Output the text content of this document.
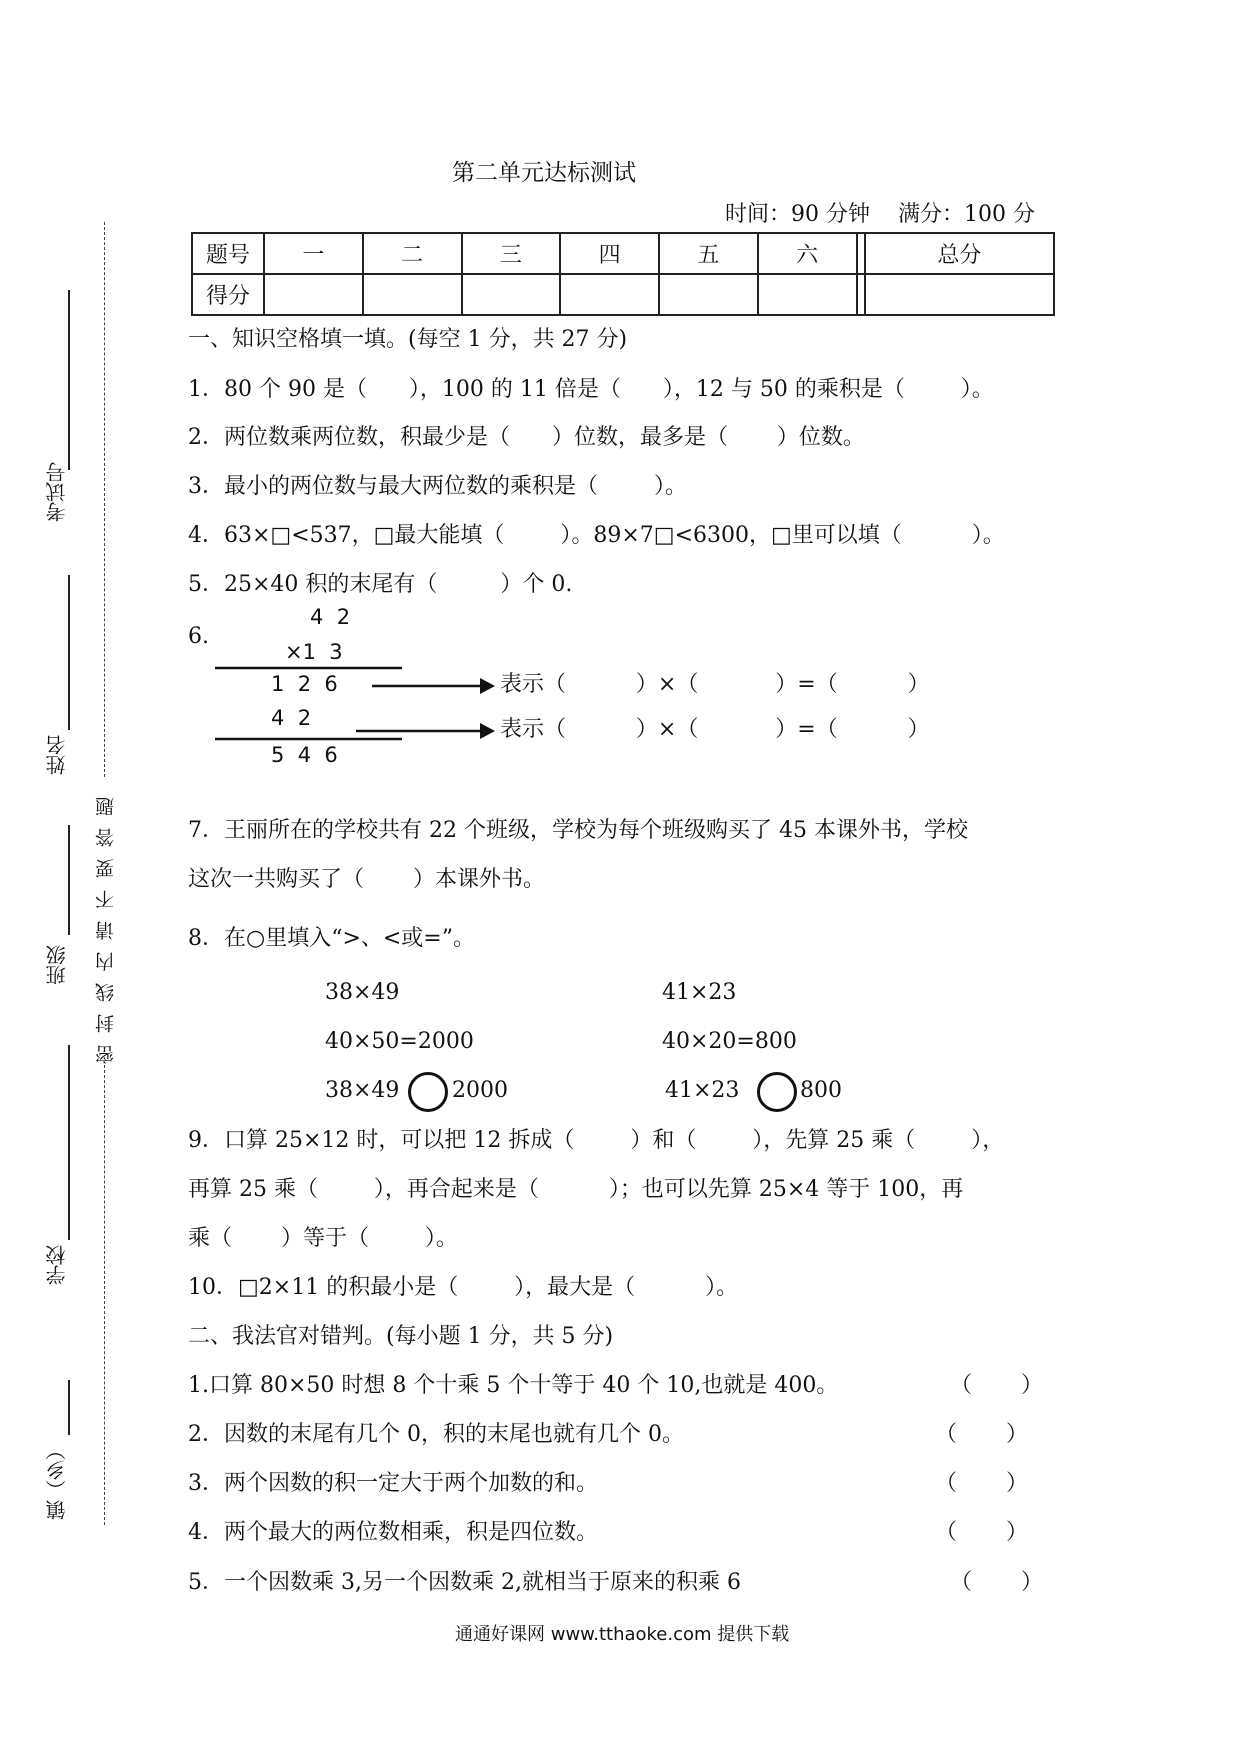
第二单元达标测试
时间：90 分钟    满分：100 分
题号	一	二	三	四	五	六		总分
得分								
考试号
姓名
班级
学校
镇（乡）
密封线内请不要答题
一、知识空格填一填。(每空 1 分，共 27 分)
1．80 个 90 是（      ），100 的 11 倍是（      ），12 与 50 的乘积是（        ）。
2．两位数乘两位数，积最少是（      ）位数，最多是（       ）位数。
3．最小的两位数与最大两位数的乘积是（        ）。
4．63×□<537，□最大能填（        ）。89×7□<6300，□里可以填（          ）。
5．25×40 积的末尾有（         ）个 0.
6.
4  2
×1  3
1  2  6
4  2
5  4  6
表示（          ）×（           ）=（          ）
表示（          ）×（           ）=（          ）
7．王丽所在的学校共有 22 个班级，学校为每个班级购买了 45 本课外书，学校
这次一共购买了（       ）本课外书。
8．在○里填入“>、<或=”。
38×49
40×50=2000
38×49 2000
41×23
40×20=800
41×23	800
9．口算 25×12 时，可以把 12 拆成（        ）和（        ），先算 25 乘（        ），
再算 25 乘（        ），再合起来是（          ）；也可以先算 25×4 等于 100，再
乘（       ）等于（        ）。
10．□2×11 的积最小是（        ），最大是（          ）。
二、我法官对错判。(每小题 1 分，共 5 分)
1.口算 80×50 时想 8 个十乘 5 个十等于 40 个 10,也就是 400。	（       ）
2．因数的末尾有几个 0，积的末尾也就有几个 0。	（       ）
3．两个因数的积一定大于两个加数的和。	（       ）
4．两个最大的两位数相乘，积是四位数。	（       ）
5．一个因数乘 3,另一个因数乘 2,就相当于原来的积乘 6	（       ）
通通好课网 www.tthaoke.com 提供下载
